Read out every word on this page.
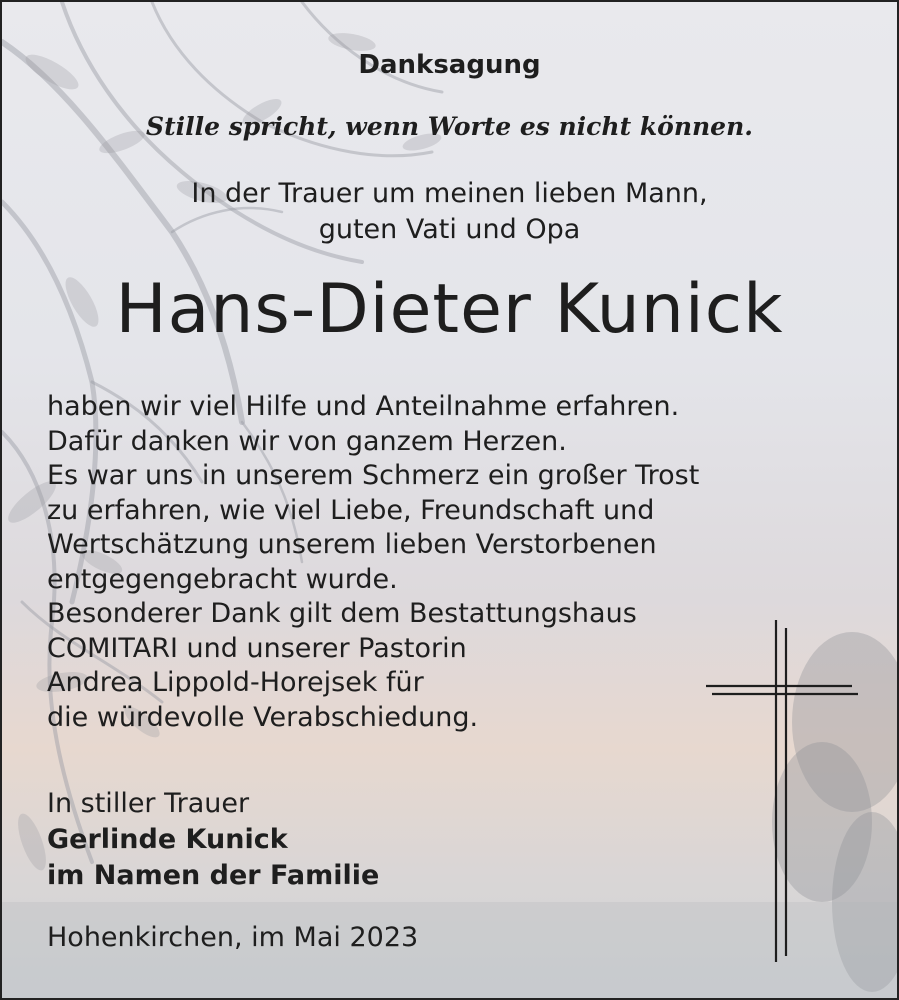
Danksagung
Stille spricht, wenn Worte es nicht können.
In der Trauer um meinen lieben Mann,
guten Vati und Opa
Hans-Dieter Kunick
haben wir viel Hilfe und Anteilnahme erfahren.
Dafür danken wir von ganzem Herzen.
Es war uns in unserem Schmerz ein großer Trost
zu erfahren, wie viel Liebe, Freundschaft und
Wertschätzung unserem lieben Verstorbenen
entgegengebracht wurde.
Besonderer Dank gilt dem Bestattungshaus
COMITARI und unserer Pastorin
Andrea Lippold-Horejsek für
die würdevolle Verabschiedung.
In stiller Trauer
Gerlinde Kunick
im Namen der Familie
Hohenkirchen, im Mai 2023
